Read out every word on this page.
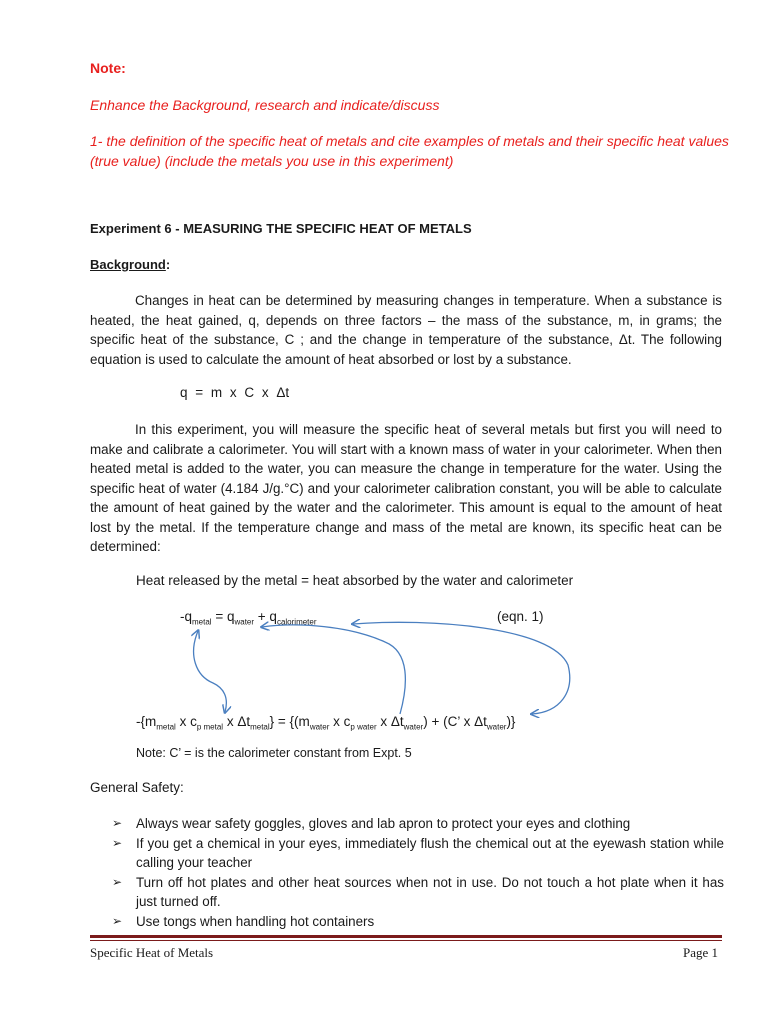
Note:

Enhance the Background, research and indicate/discuss

1- the definition of the specific heat of metals and cite examples of metals and their specific heat values (true value) (include the metals you use in this experiment)

Experiment 6 - MEASURING THE SPECIFIC HEAT OF METALS

Background:

Changes in heat can be determined by measuring changes in temperature. When a substance is heated, the heat gained, q, depends on three factors – the mass of the substance, m, in grams; the specific heat of the substance, C ; and the change in temperature of the substance, Δt. The following equation is used to calculate the amount of heat absorbed or lost by a substance.

q = m x C x Δt

In this experiment, you will measure the specific heat of several metals but first you will need to make and calibrate a calorimeter. You will start with a known mass of water in your calorimeter. When then heated metal is added to the water, you can measure the change in temperature for the water. Using the specific heat of water (4.184 J/g.°C) and your calorimeter calibration constant, you will be able to calculate the amount of heat gained by the water and the calorimeter. This amount is equal to the amount of heat lost by the metal. If the temperature change and mass of the metal are known, its specific heat can be determined:

Heat released by the metal = heat absorbed by the water and calorimeter

$-q_{metal} = q_{water} + q_{calorimeter}$	(eqn. 1)

$-\{m_{metal}$ x $c_{p metal}$ x $\Delta t_{metal}\} = \{(m_{water}$ x $c_{p water}$ x $\Delta t_{water}) + (C$’ x $\Delta t_{water}$)}

Note: C’ = is the calorimeter constant from Expt. 5

General Safety:

➢ Always wear safety goggles, gloves and lab apron to protect your eyes and clothing
➢ If you get a chemical in your eyes, immediately flush the chemical out at the eyewash station while calling your teacher
➢ Turn off hot plates and other heat sources when not in use. Do not touch a hot plate when it has just turned off.
➢ Use tongs when handling hot containers

Specific Heat of Metals	Page 1
